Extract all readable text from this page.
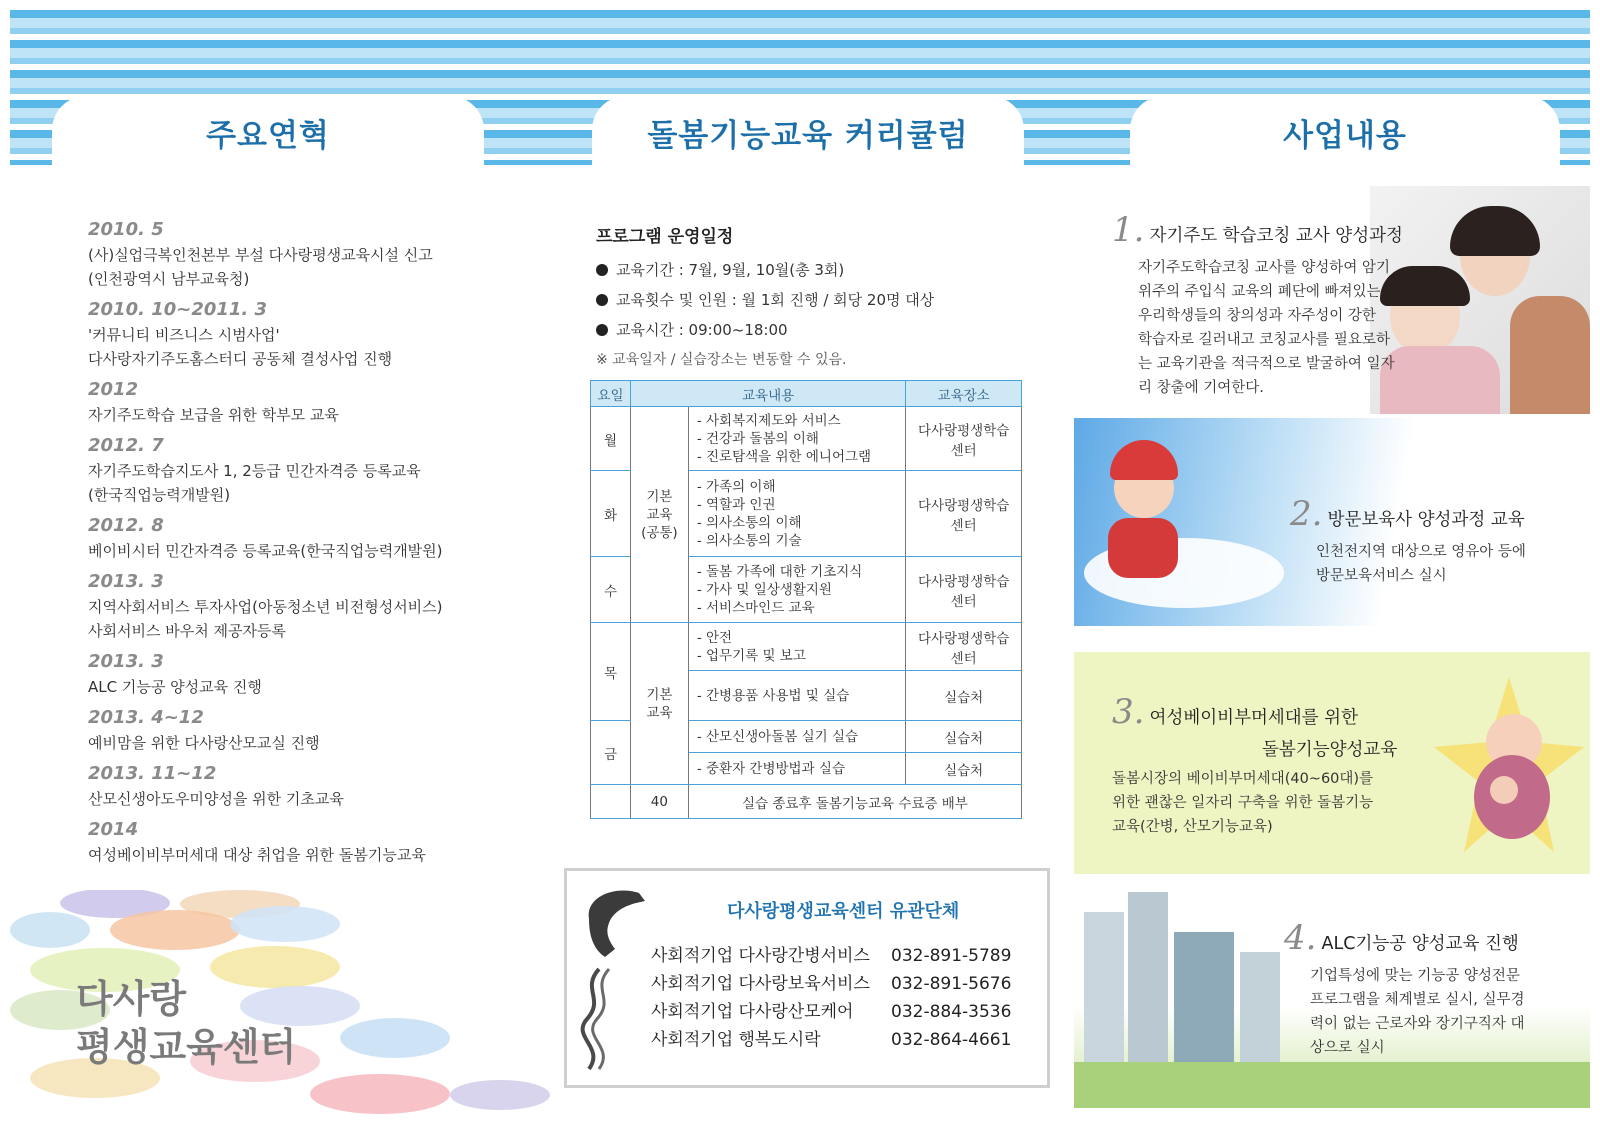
주요연혁	돌봄기능교육 커리큘럼	사업내용
2010. 5
(사)실업극복인천본부 부설 다사랑평생교육시설 신고
(인천광역시 남부교육청)
2010. 10~2011. 3
'커뮤니티 비즈니스 시범사업'
다사랑자기주도홈스터디 공동체 결성사업 진행
2012
자기주도학습 보급을 위한 학부모 교육
2012. 7
자기주도학습지도사 1, 2등급 민간자격증 등록교육
(한국직업능력개발원)
2012. 8
베이비시터 민간자격증 등록교육(한국직업능력개발원)
2013. 3
지역사회서비스 투자사업(아동청소년 비전형성서비스)
사회서비스 바우처 제공자등록
2013. 3
ALC 기능공 양성교육 진행
2013. 4~12
예비맘을 위한 다사랑산모교실 진행
2013. 11~12
산모신생아도우미양성을 위한 기초교육
2014
여성베이비부머세대 대상 취업을 위한 돌봄기능교육
다사랑
평생교육센터
프로그램 운영일정
교육기간 : 7월, 9월, 10월(총 3회)
교육횟수 및 인원 : 월 1회 진행 / 회당 20명 대상
교육시간 : 09:00~18:00
※ 교육일자 / 실습장소는 변동할 수 있음.
요일	교육내용		교육장소
월	기본
교육
(공통)	- 사회복지제도와 서비스
- 건강과 돌봄의 이해
- 진로탐색을 위한 에니어그램	다사랑평생학습
센터
화		- 가족의 이해
- 역할과 인권
- 의사소통의 이해
- 의사소통의 기술	다사랑평생학습
센터
수		- 돌봄 가족에 대한 기초지식
- 가사 및 일상생활지원
- 서비스마인드 교육	다사랑평생학습
센터
목	기본
교육	- 안전
- 업무기록 및 보고	다사랑평생학습
센터
		- 간병용품 사용법 및 실습	실습처
금		- 산모신생아돌봄 실기 실습	실습처
		- 중환자 간병방법과 실습	실습처
	40	실습 종료후 돌봄기능교육 수료증 배부	
다사랑평생교육센터 유관단체
사회적기업 다사랑간병서비스 032-891-5789
사회적기업 다사랑보육서비스 032-891-5676
사회적기업 다사랑산모케어 032-884-3536
사회적기업 행복도시락	032-864-4661
1. 자기주도 학습코칭 교사 양성과정
자기주도학습코칭 교사를 양성하여 암기
위주의 주입식 교육의 폐단에 빠져있는
우리학생들의 창의성과 자주성이 강한
학습자로 길러내고 코칭교사를 필요로하
는 교육기관을 적극적으로 발굴하여 일자
리 창출에 기여한다.
2. 방문보육사 양성과정 교육
인천전지역 대상으로 영유아 등에
방문보육서비스 실시
3. 여성베이비부머세대를 위한
돌봄기능양성교육
돌봄시장의 베이비부머세대(40~60대)를
위한 괜찮은 일자리 구축을 위한 돌봄기능
교육(간병, 산모기능교육)
4. ALC기능공 양성교육 진행
기업특성에 맞는 기능공 양성전문
프로그램을 체계별로 실시, 실무경
력이 없는 근로자와 장기구직자 대
상으로 실시
